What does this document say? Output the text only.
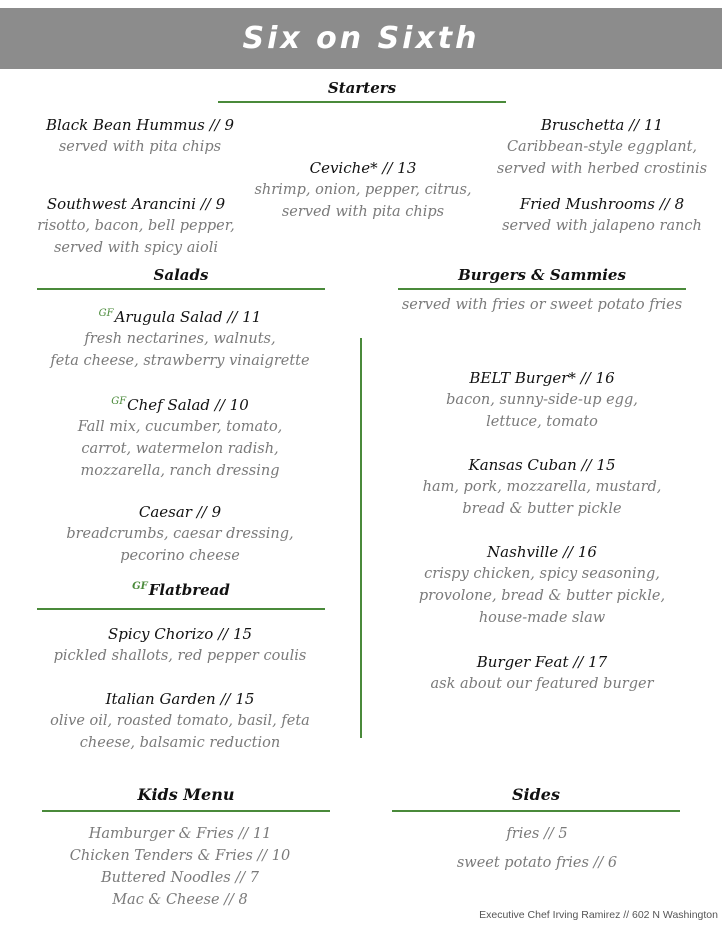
Six on Sixth
Starters
Black Bean Hummus // 9
served with pita chips
Southwest Arancini // 9
risotto, bacon, bell pepper,
served with spicy aioli
Ceviche* // 13
shrimp, onion, pepper, citrus,
served with pita chips
Bruschetta // 11
Caribbean-style eggplant,
served with herbed crostinis
Fried Mushrooms // 8
served with jalapeno ranch
Salads
$^{GF}$Arugula Salad // 11
fresh nectarines, walnuts,
feta cheese, strawberry vinaigrette
$^{GF}$Chef Salad // 10
Fall mix, cucumber, tomato,
carrot, watermelon radish,
mozzarella, ranch dressing
Caesar // 9
breadcrumbs, caesar dressing,
pecorino cheese
$^{GF}$Flatbread
Spicy Chorizo // 15
pickled shallots, red pepper coulis
Italian Garden // 15
olive oil, roasted tomato, basil, feta
cheese, balsamic reduction
Burgers & Sammies
served with fries or sweet potato fries
BELT Burger* // 16
bacon, sunny-side-up egg,
lettuce, tomato
Kansas Cuban // 15
ham, pork, mozzarella, mustard,
bread & butter pickle
Nashville // 16
crispy chicken, spicy seasoning,
provolone, bread & butter pickle,
house-made slaw
Burger Feat // 17
ask about our featured burger
Kids Menu
Hamburger & Fries // 11
Chicken Tenders & Fries // 10
Buttered Noodles // 7
Mac & Cheese // 8
Sides
fries // 5
sweet potato fries // 6
Executive Chef Irving Ramirez // 602 N Washington
